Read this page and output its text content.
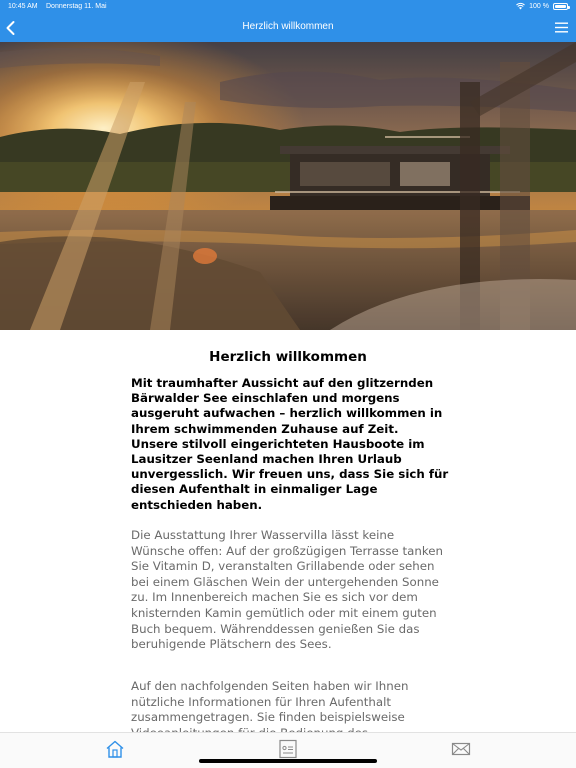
10:45 AM Donnerstag 11. Mai	100 %
Herzlich willkommen
Herzlich willkommen

Mit traumhafter Aussicht auf den glitzernden Bärwalder See einschlafen und morgens ausgeruht aufwachen – herzlich willkommen in Ihrem schwimmenden Zuhause auf Zeit. Unsere stilvoll eingerichteten Hausboote im Lausitzer Seenland machen Ihren Urlaub unvergesslich. Wir freuen uns, dass Sie sich für diesen Aufenthalt in einmaliger Lage entschieden haben.

Die Ausstattung Ihrer Wasservilla lässt keine Wünsche offen: Auf der großzügigen Terrasse tanken Sie Vitamin D, veranstalten Grillabende oder sehen bei einem Gläschen Wein der untergehenden Sonne zu. Im Innenbereich machen Sie es sich vor dem knisternden Kamin gemütlich oder mit einem guten Buch bequem. Währenddessen genießen Sie das beruhigende Plätschern des Sees.

Auf den nachfolgenden Seiten haben wir Ihnen nützliche Informationen für Ihren Aufenthalt zusammengetragen. Sie finden beispielsweise
